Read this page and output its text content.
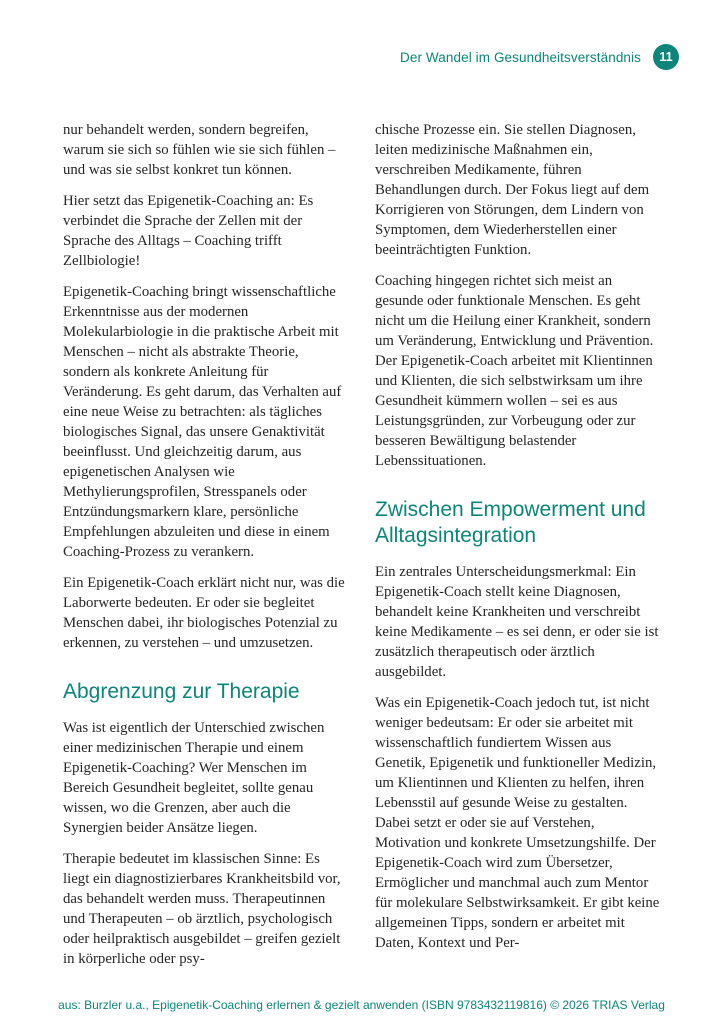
Der Wandel im Gesundheitsverständnis	11

nur behandelt werden, sondern begreifen, warum sie sich so fühlen wie sie sich fühlen – und was sie selbst konkret tun können.

Hier setzt das Epigenetik-Coaching an: Es verbindet die Sprache der Zellen mit der Sprache des Alltags – Coaching trifft Zellbiologie!

Epigenetik-Coaching bringt wissenschaftliche Erkenntnisse aus der modernen Molekularbiologie in die praktische Arbeit mit Menschen – nicht als abstrakte Theorie, sondern als konkrete Anleitung für Veränderung. Es geht darum, das Verhalten auf eine neue Weise zu betrachten: als tägliches biologisches Signal, das unsere Genaktivität beeinflusst. Und gleichzeitig darum, aus epigenetischen Analysen wie Methylierungsprofilen, Stresspanels oder Entzündungsmarkern klare, persönliche Empfehlungen abzuleiten und diese in einem Coaching-Prozess zu verankern.

Ein Epigenetik-Coach erklärt nicht nur, was die Laborwerte bedeuten. Er oder sie begleitet Menschen dabei, ihr biologisches Potenzial zu erkennen, zu verstehen – und umzusetzen.

Abgrenzung zur Therapie

Was ist eigentlich der Unterschied zwischen einer medizinischen Therapie und einem Epigenetik-Coaching? Wer Menschen im Bereich Gesundheit begleitet, sollte genau wissen, wo die Grenzen, aber auch die Synergien beider Ansätze liegen.

Therapie bedeutet im klassischen Sinne: Es liegt ein diagnostizierbares Krankheitsbild vor, das behandelt werden muss. Therapeutinnen und Therapeuten – ob ärztlich, psychologisch oder heilpraktisch ausgebildet – greifen gezielt in körperliche oder psy-

chische Prozesse ein. Sie stellen Diagnosen, leiten medizinische Maßnahmen ein, verschreiben Medikamente, führen Behandlungen durch. Der Fokus liegt auf dem Korrigieren von Störungen, dem Lindern von Symptomen, dem Wiederherstellen einer beeinträchtigten Funktion.

Coaching hingegen richtet sich meist an gesunde oder funktionale Menschen. Es geht nicht um die Heilung einer Krankheit, sondern um Veränderung, Entwicklung und Prävention. Der Epigenetik-Coach arbeitet mit Klientinnen und Klienten, die sich selbstwirksam um ihre Gesundheit kümmern wollen – sei es aus Leistungsgründen, zur Vorbeugung oder zur besseren Bewältigung belastender Lebenssituationen.

Zwischen Empowerment und Alltagsintegration

Ein zentrales Unterscheidungsmerkmal: Ein Epigenetik-Coach stellt keine Diagnosen, behandelt keine Krankheiten und verschreibt keine Medikamente – es sei denn, er oder sie ist zusätzlich therapeutisch oder ärztlich ausgebildet.

Was ein Epigenetik-Coach jedoch tut, ist nicht weniger bedeutsam: Er oder sie arbeitet mit wissenschaftlich fundiertem Wissen aus Genetik, Epigenetik und funktioneller Medizin, um Klientinnen und Klienten zu helfen, ihren Lebensstil auf gesunde Weise zu gestalten. Dabei setzt er oder sie auf Verstehen, Motivation und konkrete Umsetzungshilfe. Der Epigenetik-Coach wird zum Übersetzer, Ermöglicher und manchmal auch zum Mentor für molekulare Selbstwirksamkeit. Er gibt keine allgemeinen Tipps, sondern er arbeitet mit Daten, Kontext und Per-

aus: Burzler u.a., Epigenetik-Coaching erlernen & gezielt anwenden (ISBN 9783432119816) © 2026 TRIAS Verlag
